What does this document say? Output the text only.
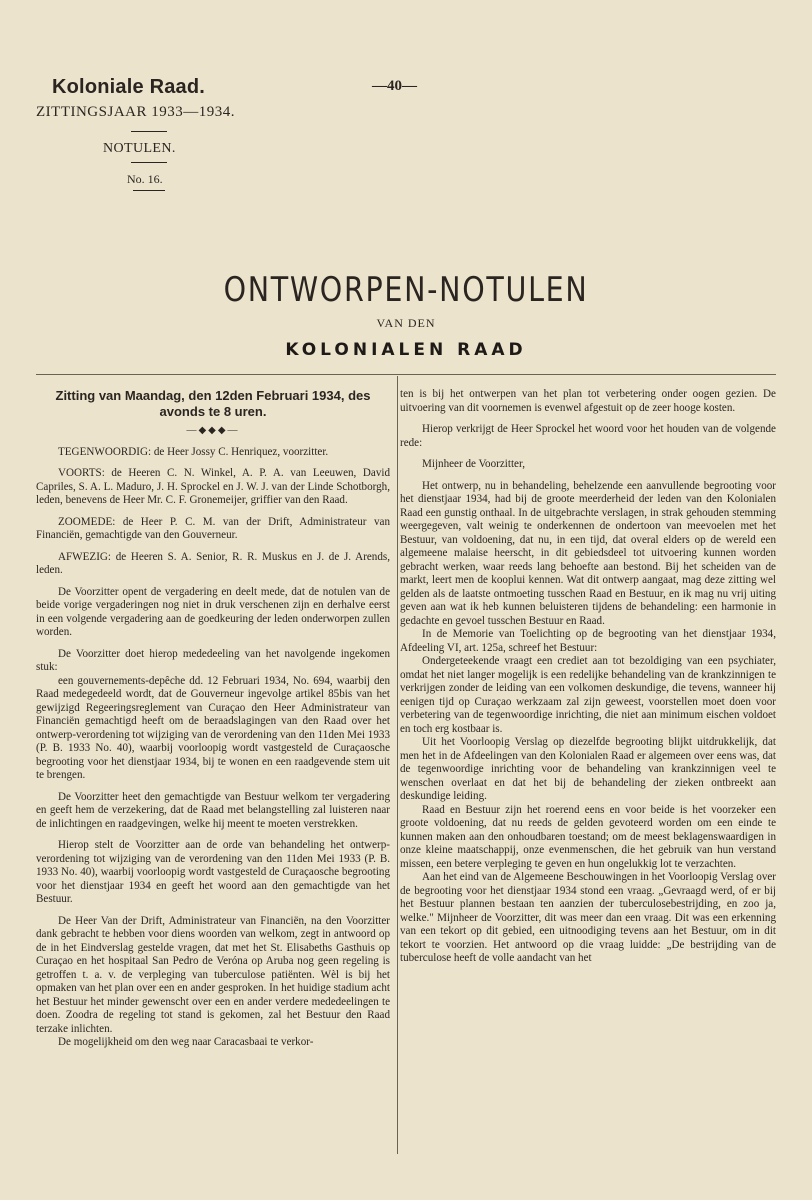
Koloniale Raad.
ZITTINGSJAAR 1933—1934.
—40—
NOTULEN.
No. 16.
ONTWORPEN-NOTULEN
VAN DEN
KOLONIALEN RAAD
Zitting van Maandag, den 12den Februari 1934, des avonds te 8 uren.
—◆◆◆—

TEGENWOORDIG: de Heer Jossy C. Henriquez, voorzitter.

VOORTS: de Heeren C. N. Winkel, A. P. A. van Leeuwen, David Capriles, S. A. L. Maduro, J. H. Sprockel en J. W. J. van der Linde Schotborgh, leden, benevens de Heer Mr. C. F. Gronemeijer, griffier van den Raad.

ZOOMEDE: de Heer P. C. M. van der Drift, Administrateur van Financiën, gemachtigde van den Gouverneur.

AFWEZIG: de Heeren S. A. Senior, R. R. Muskus en J. de J. Arends, leden.

De Voorzitter opent de vergadering en deelt mede, dat de notulen van de beide vorige vergaderingen nog niet in druk verschenen zijn en derhalve eerst in een volgende vergadering aan de goedkeuring der leden onderworpen zullen worden.

De Voorzitter doet hierop mededeeling van het navolgende ingekomen stuk:

een gouvernements-depêche dd. 12 Februari 1934, No. 694, waarbij den Raad medegedeeld wordt, dat de Gouverneur ingevolge artikel 85bis van het gewijzigd Regeeringsreglement van Curaçao den Heer Administrateur van Financiën gemachtigd heeft om de beraadslagingen van den Raad over het ontwerp-verordening tot wijziging van de verordening van den 11den Mei 1933 (P. B. 1933 No. 40), waarbij voorloopig wordt vastgesteld de Curaçaosche begrooting voor het dienstjaar 1934, bij te wonen en een raadgevende stem uit te brengen.

De Voorzitter heet den gemachtigde van Bestuur welkom ter vergadering en geeft hem de verzekering, dat de Raad met belangstelling zal luisteren naar de inlichtingen en raadgevingen, welke hij meent te moeten verstrekken.

Hierop stelt de Voorzitter aan de orde van behandeling het ontwerp-verordening tot wijziging van de verordening van den 11den Mei 1933 (P. B. 1933 No. 40), waarbij voorloopig wordt vastgesteld de Curaçaosche begrooting voor het dienstjaar 1934 en geeft het woord aan den gemachtigde van het Bestuur.

De Heer Van der Drift, Administrateur van Financiën, na den Voorzitter dank gebracht te hebben voor diens woorden van welkom, zegt in antwoord op de in het Eindverslag gestelde vragen, dat met het St. Elisabeths Gasthuis op Curaçao en het hospitaal San Pedro de Veróna op Aruba nog geen regeling is getroffen t. a. v. de verpleging van tuberculose patiënten. Wèl is bij het opmaken van het plan over een en ander gesproken. In het huidige stadium acht het Bestuur het minder gewenscht over een en ander verdere mededeelingen te doen. Zoodra de regeling tot stand is gekomen, zal het Bestuur den Raad terzake inlichten.

De mogelijkheid om den weg naar Caracasbaai te verkor-

ten is bij het ontwerpen van het plan tot verbetering onder oogen gezien. De uitvoering van dit voornemen is evenwel afgestuit op de zeer hooge kosten.

Hierop verkrijgt de Heer Sprockel het woord voor het houden van de volgende rede:

Mijnheer de Voorzitter,

Het ontwerp, nu in behandeling, behelzende een aanvullende begrooting voor het dienstjaar 1934, had bij de groote meerderheid der leden van den Kolonialen Raad een gunstig onthaal. In de uitgebrachte verslagen, in strak gehouden stemming weergegeven, valt weinig te onderkennen de ondertoon van meevoelen met het Bestuur, van voldoening, dat nu, in een tijd, dat overal elders op de wereld een algemeene malaise heerscht, in dit gebiedsdeel tot uitvoering kunnen worden gebracht werken, waar reeds lang behoefte aan bestond. Bij het scheiden van de markt, leert men de kooplui kennen. Wat dit ontwerp aangaat, mag deze zitting wel gelden als de laatste ontmoeting tusschen Raad en Bestuur, en ik mag nu vrij uiting geven aan wat ik heb kunnen beluisteren tijdens de behandeling: een harmonie in gedachte en gevoel tusschen Bestuur en Raad.

In de Memorie van Toelichting op de begrooting van het dienstjaar 1934, Afdeeling VI, art. 125a, schreef het Bestuur:

Ondergeteekende vraagt een crediet aan tot bezoldiging van een psychiater, omdat het niet langer mogelijk is een redelijke behandeling van de krankzinnigen te verkrijgen zonder de leiding van een volkomen deskundige, die tevens, wanneer hij eenigen tijd op Curaçao werkzaam zal zijn geweest, voorstellen moet doen voor verbetering van de tegenwoordige inrichting, die niet aan minimum eischen voldoet en toch erg kostbaar is.

Uit het Voorloopig Verslag op diezelfde begrooting blijkt uitdrukkelijk, dat men het in de Afdeelingen van den Kolonialen Raad er algemeen over eens was, dat de tegenwoordige inrichting voor de behandeling van krankzinnigen veel te wenschen overlaat en dat het bij de behandeling der zieken ontbreekt aan deskundige leiding.

Raad en Bestuur zijn het roerend eens en voor beide is het voorzeker een groote voldoening, dat nu reeds de gelden gevoteerd worden om een einde te kunnen maken aan den onhoudbaren toestand; om de meest beklagenswaardigen in onze kleine maatschappij, onze evenmenschen, die het gebruik van hun verstand missen, een betere verpleging te geven en hun ongelukkig lot te verzachten.

Aan het eind van de Algemeene Beschouwingen in het Voorloopig Verslag over de begrooting voor het dienstjaar 1934 stond een vraag. „Gevraagd werd, of er bij het Bestuur plannen bestaan ten aanzien der tuberculosebestrijding, en zoo ja, welke." Mijnheer de Voorzitter, dit was meer dan een vraag. Dit was een erkenning van een tekort op dit gebied, een uitnoodiging tevens aan het Bestuur, om in dit tekort te voorzien. Het antwoord op die vraag luidde: „De bestrijding van de tuberculose heeft de volle aandacht van het
